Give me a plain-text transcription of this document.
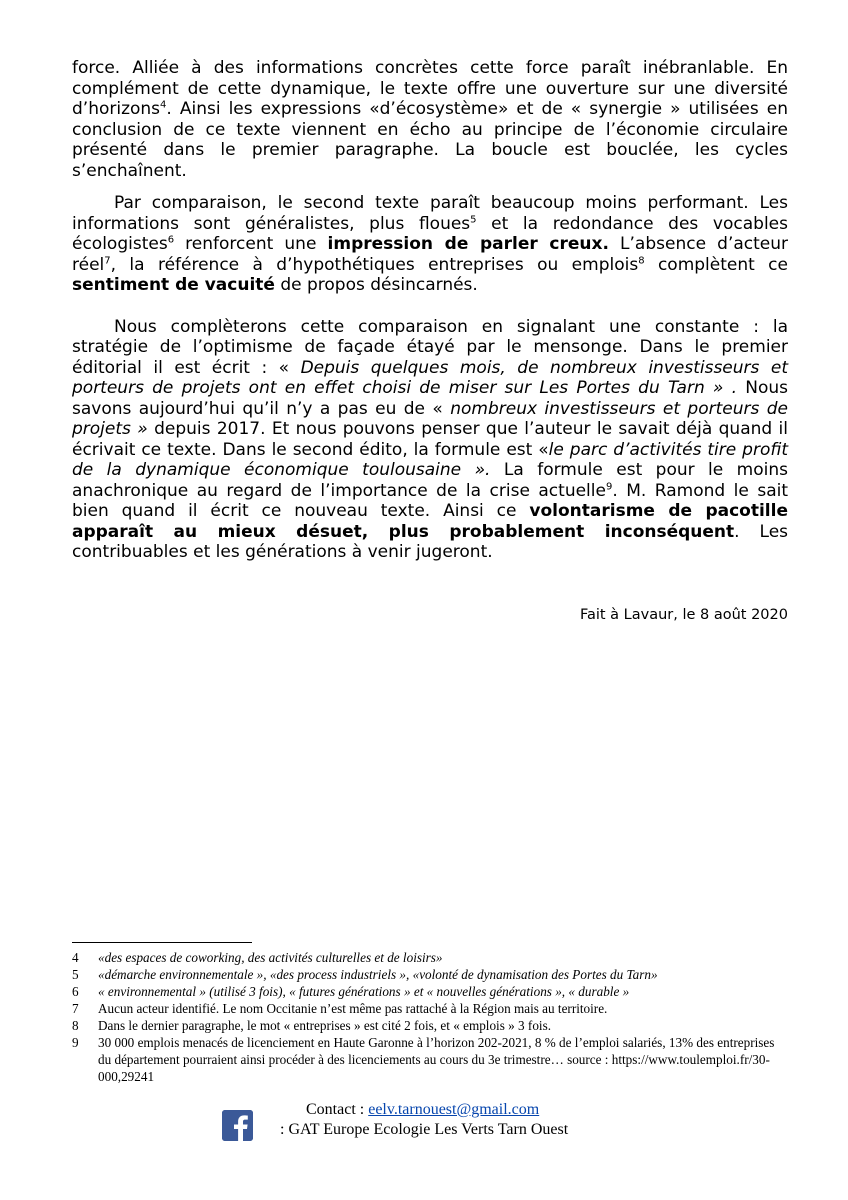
force. Alliée à des informations concrètes cette force paraît inébranlable. En complément de cette dynamique, le texte offre une ouverture sur une diversité d’horizons$^4$. Ainsi les expressions «d’écosystème» et de « synergie » utilisées en conclusion de ce texte viennent en écho au principe de l’économie circulaire présenté dans le premier paragraphe. La boucle est bouclée, les cycles s’enchaînent.

Par comparaison, le second texte paraît beaucoup moins performant. Les informations sont généralistes, plus floues$^5$ et la redondance des vocables écologistes$^6$ renforcent une impression de parler creux. L’absence d’acteur réel$^7$, la référence à d’hypothétiques entreprises ou emplois$^8$ complètent ce sentiment de vacuité de propos désincarnés.

Nous complèterons cette comparaison en signalant une constante : la stratégie de l’optimisme de façade étayé par le mensonge. Dans le premier éditorial il est écrit : « Depuis quelques mois, de nombreux investisseurs et porteurs de projets ont en effet choisi de miser sur Les Portes du Tarn » . Nous savons aujourd’hui qu’il n’y a pas eu de « nombreux investisseurs et porteurs de projets » depuis 2017. Et nous pouvons penser que l’auteur le savait déjà quand il écrivait ce texte. Dans le second édito, la formule est «le parc d’activités tire profit de la dynamique économique toulousaine ». La formule est pour le moins anachronique au regard de l’importance de la crise actuelle$^9$. M. Ramond le sait bien quand il écrit ce nouveau texte. Ainsi ce volontarisme de pacotille apparaît au mieux désuet, plus probablement inconséquent. Les contribuables et les générations à venir jugeront.

Fait à Lavaur, le 8 août 2020
4	«des espaces de coworking, des activités culturelles et de loisirs»
5	«démarche environnementale », «des process industriels », «volonté de dynamisation des Portes du Tarn»
6	« environnemental » (utilisé 3 fois), « futures générations » et « nouvelles générations », « durable »
7	Aucun acteur identifié. Le nom Occitanie n’est même pas rattaché à la Région mais au territoire.
8	Dans le dernier paragraphe, le mot « entreprises » est cité 2 fois, et « emplois » 3 fois.
9	30 000 emplois menacés de licenciement en Haute Garonne à l’horizon 202-2021, 8 % de l’emploi salariés, 13% des entreprises du département pourraient ainsi procéder à des licenciements au cours du 3e trimestre… source : https://www.toulemploi.fr/30-000,29241
Contact : eelv.tarnouest@gmail.com
: GAT Europe Ecologie Les Verts Tarn Ouest
